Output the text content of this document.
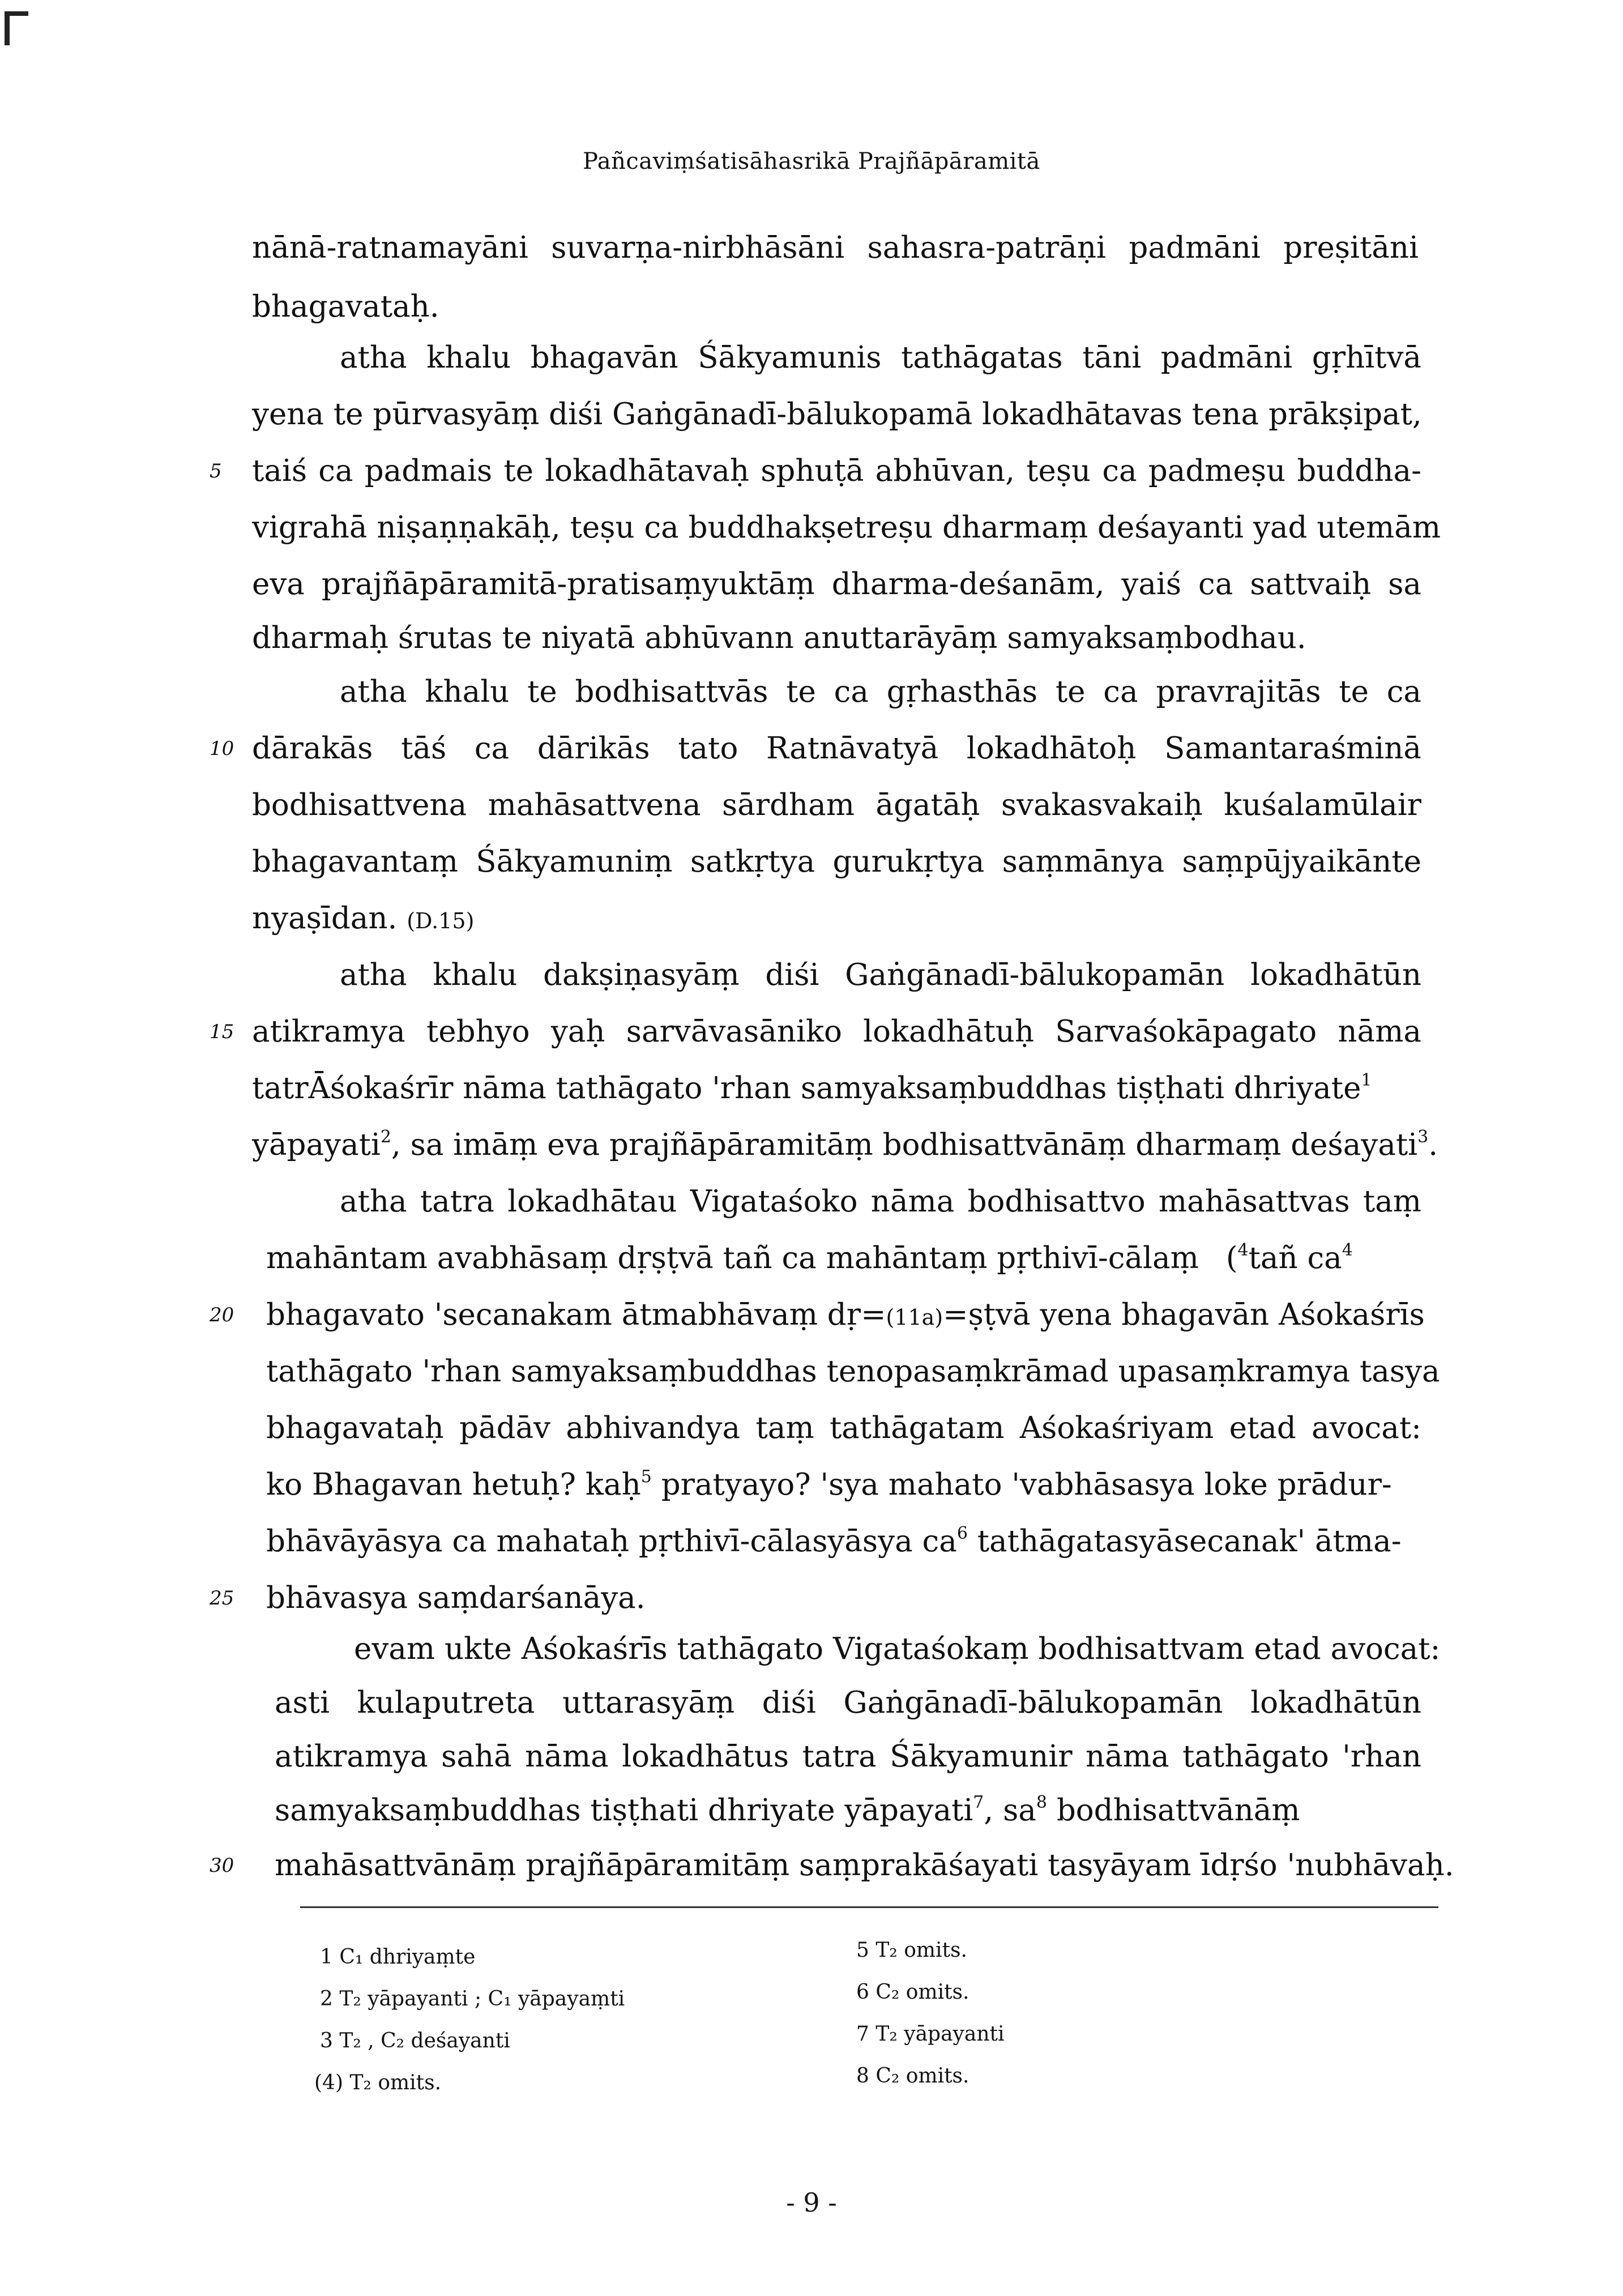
Pañcaviṃśatisāhasrikā Prajñāpāramitā
nānā-ratnamayāni suvarṇa-nirbhāsāni sahasra-patrāṇi padmāni preṣitāni
bhagavataḥ.
atha khalu bhagavān Śākyamunis tathāgatas tāni padmāni gṛhītvā
yena te pūrvasyāṃ diśi Gaṅgānadī-bālukopamā lokadhātavas tena prākṣipat,
5 taiś ca padmais te lokadhātavaḥ sphuṭā abhūvan, teṣu ca padmeṣu buddha-
vigrahā niṣaṇṇakāḥ, teṣu ca buddhakṣetreṣu dharmaṃ deśayanti yad utemām
eva prajñāpāramitā-pratisaṃyuktāṃ dharma-deśanām, yaiś ca sattvaiḥ sa
dharmaḥ śrutas te niyatā abhūvann anuttarāyāṃ samyaksaṃbodhau.
atha khalu te bodhisattvās te ca gṛhasthās te ca pravrajitās te ca
10 dārakās tāś ca dārikās tato Ratnāvatyā lokadhātoḥ Samantaraśminā
bodhisattvena mahāsattvena sārdham āgatāḥ svakasvakaiḥ kuśalamūlair
bhagavantaṃ Śākyamuniṃ satkṛtya gurukṛtya saṃmānya saṃpūjyaikānte
nyaṣīdan. (D.15)
atha khalu dakṣiṇasyāṃ diśi Gaṅgānadī-bālukopamān lokadhātūn
15 atikramya tebhyo yaḥ sarvāvasāniko lokadhātuḥ Sarvaśokāpagato nāma
tatrĀśokaśrīr nāma tathāgato 'rhan samyaksaṃbuddhas tiṣṭhati dhriyate$^1$
yāpayati$^2$, sa imāṃ eva prajñāpāramitāṃ bodhisattvānāṃ dharmaṃ deśayati$^3$.
atha tatra lokadhātau Vigataśoko nāma bodhisattvo mahāsattvas taṃ
mahāntam avabhāsaṃ dṛṣṭvā tañ ca mahāntaṃ pṛthivī-cālaṃ ($^4$tañ $ca^4$
20 bhagavato 'secanakam ātmabhāvaṃ dṛ=(11a)=ṣṭvā yena bhagavān Aśokaśrīs
tathāgato 'rhan samyaksaṃbuddhas tenopasaṃkrāmad upasaṃkramya tasya
bhagavataḥ pādāv abhivandya taṃ tathāgatam Aśokaśriyam etad avocat:
ko Bhagavan hetuḥ? kaḥ$^5$ pratyayo? 'sya mahato 'vabhāsasya loke prādur-
bhāvāyāsya ca mahataḥ pṛthivī-cālasyāsya $ca^6$ tathāgatasyāsecanak' ātma-
25 bhāvasya saṃdarśanāya.
evam ukte Aśokaśrīs tathāgato Vigataśokaṃ bodhisattvam etad avocat:
asti kulaputreta uttarasyāṃ diśi Gaṅgānadī-bālukopamān lokadhātūn
atikramya sahā nāma lokadhātus tatra Śākyamunir nāma tathāgato 'rhan
samyaksaṃbuddhas tiṣṭhati dhriyate yāpayati$^7$, $sa^8$ bodhisattvānāṃ
30 mahāsattvānāṃ prajñāpāramitāṃ saṃprakāśayati tasyāyam īdṛśo 'nubhāvaḥ.
1 C₁ dhriyaṃte
2 T₂ yāpayanti ; C₁ yāpayaṃti
3 T₂ , C₂ deśayanti
(4) T₂ omits.
5 T₂ omits.
6 C₂ omits.
7 T₂ yāpayanti
8 C₂ omits.
- 9 -
